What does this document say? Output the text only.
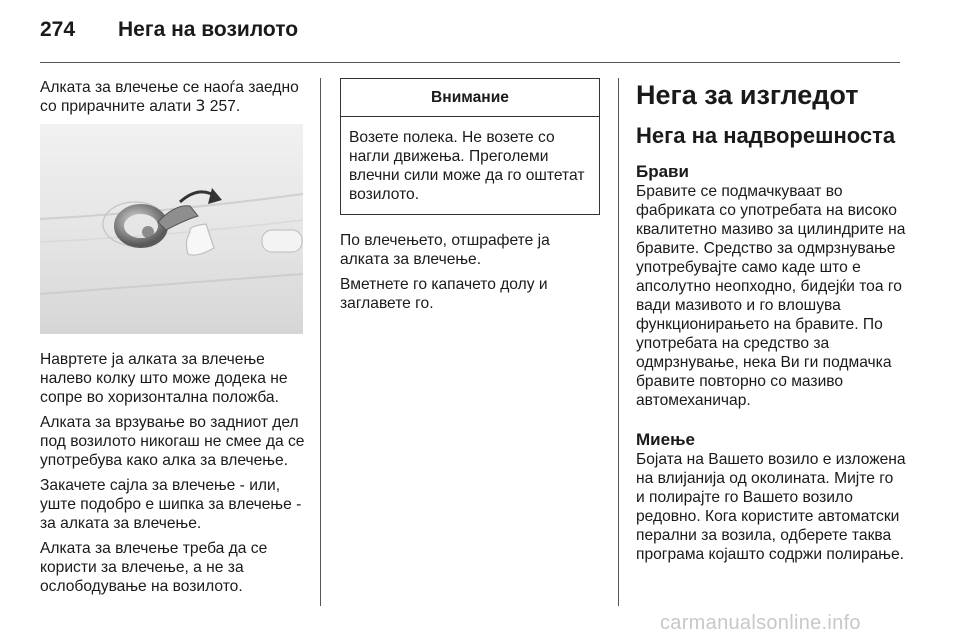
274	Нега на возилото

Алката за влечење се наоѓа заедно со прирачните алати 3 257.

Навртете ја алката за влечење налево колку што може додека не сопре во хоризонтална положба.

Алката за врзување во задниот дел под возилото никогаш не смее да се употребува како алка за влечење.

Закачете сајла за влечење - или, уште подобро е шипка за влечење - за алката за влечење.

Алката за влечење треба да се користи за влечење, а не за ослободување на возилото.

Внимание

Возете полека. Не возете со нагли движења. Преголеми влечни сили може да го оштетат возилото.

По влечењето, отшрафете ја алката за влечење.

Вметнете го капачето долу и заглавете го.

Нега за изгледот
Нега на надворешноста
Брави

Бравите се подмачкуваат во фабриката со употребата на високо квалитетно мазиво за цилиндрите на бравите. Средство за одмрзнување употребувајте само каде што е апсолутно неопходно, бидејќи тоа го вади мазивото и го влошува функционирањето на бравите. По употребата на средство за одмрзнување, нека Ви ги подмачка бравите повторно со мазиво автомеханичар.

Миење

Бојата на Вашето возило е изложена на влијанија од околината. Мијте го и полирајте го Вашето возило редовно. Кога користите автоматски перални за возила, одберете таква програма којашто содржи полирање.

carmanualsonline.info
